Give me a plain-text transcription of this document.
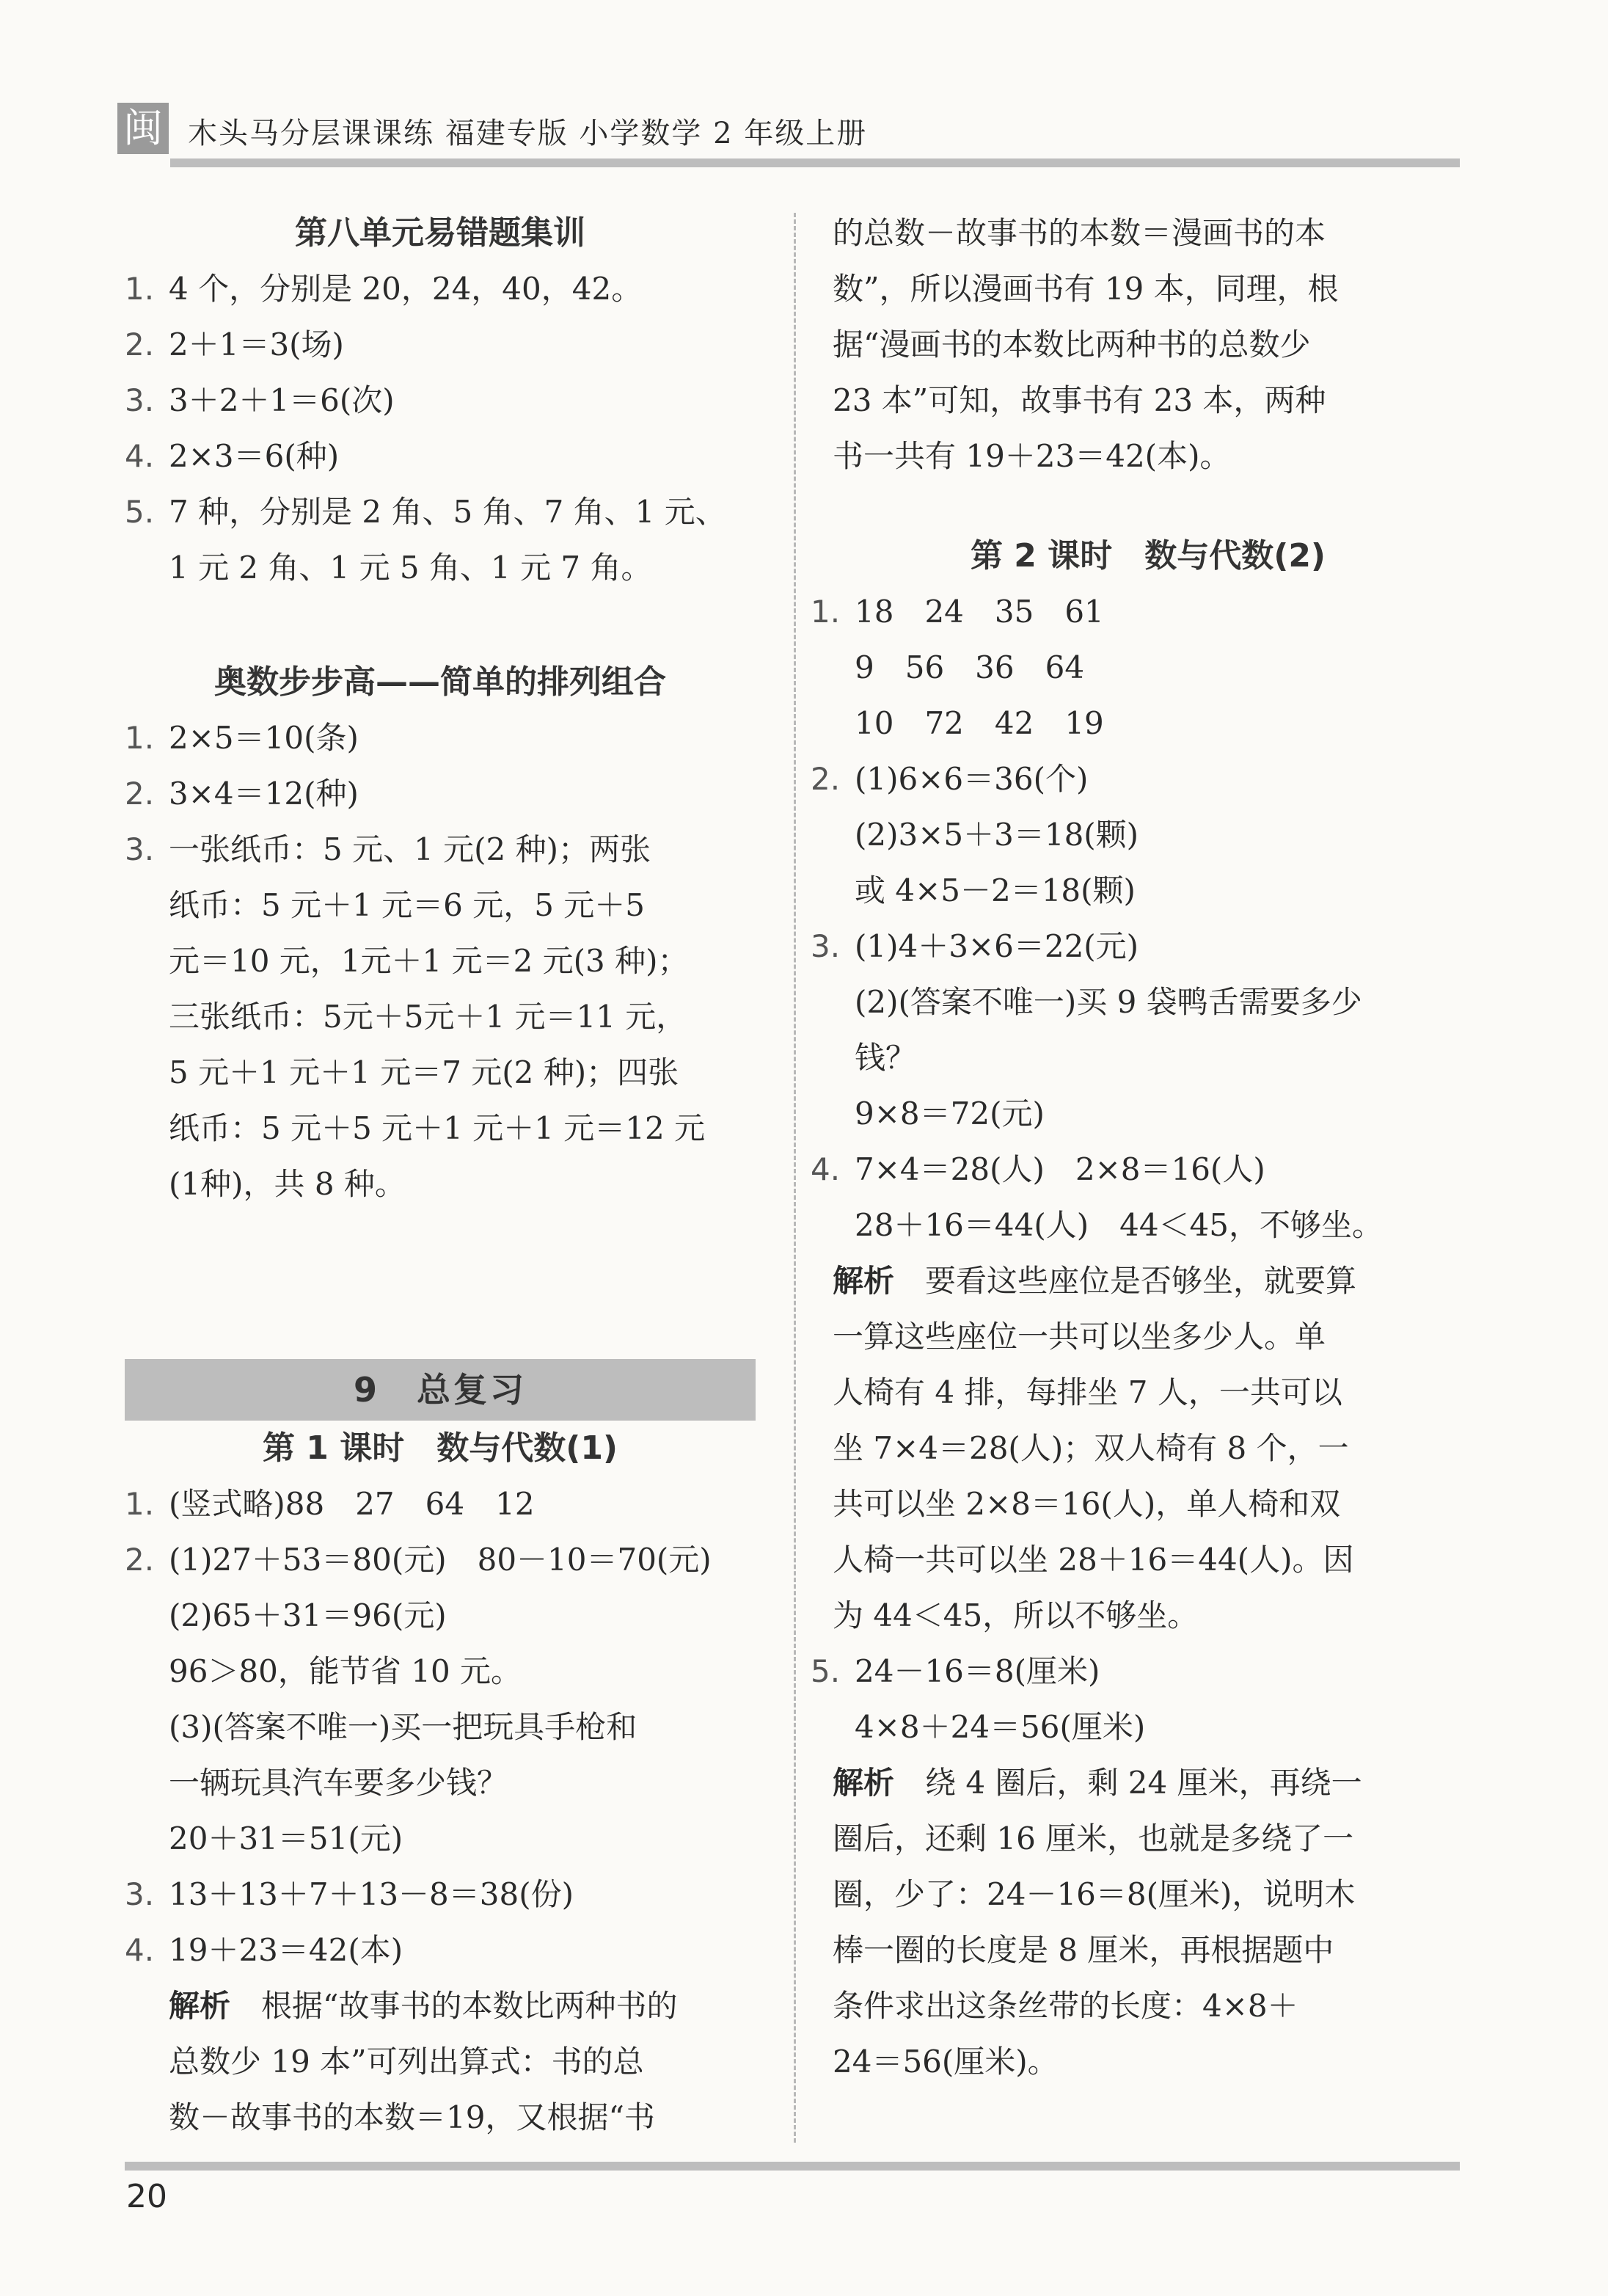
闽 木头马分层课课练 福建专版 小学数学 2 年级上册
第八单元易错题集训
1. 4 个，分别是 20，24，40，42。
2. 2＋1＝3(场)
3. 3＋2＋1＝6(次)
4. 2×3＝6(种)
5. 7 种，分别是 2 角、5 角、7 角、1 元、
1 元 2 角、1 元 5 角、1 元 7 角。
奥数步步高——简单的排列组合
1. 2×5＝10(条)
2. 3×4＝12(种)
3. 一张纸币：5 元、1 元(2 种)；两张
纸币：5 元＋1 元＝6 元，5 元＋5
元＝10 元，1元＋1 元＝2 元(3 种)；
三张纸币：5元＋5元＋1 元＝11 元，
5 元＋1 元＋1 元＝7 元(2 种)；四张
纸币：5 元＋5 元＋1 元＋1 元＝12 元
(1种)，共 8 种。
9　总复习
第 1 课时　数与代数(1)
1. (竖式略)88　27　64　12
2. (1)27＋53＝80(元)　80－10＝70(元)
(2)65＋31＝96(元)
96＞80，能节省 10 元。
(3)(答案不唯一)买一把玩具手枪和
一辆玩具汽车要多少钱？
20＋31＝51(元)
3. 13＋13＋7＋13－8＝38(份)
4. 19＋23＝42(本)
解析　 根据“故事书的本数比两种书的
总数少 19 本”可列出算式：书的总
数－故事书的本数＝19，又根据“书
的总数－故事书的本数＝漫画书的本
数”，所以漫画书有 19 本，同理，根
据“漫画书的本数比两种书的总数少
23 本”可知，故事书有 23 本，两种
书一共有 19＋23＝42(本)。
第 2 课时　数与代数(2)
1. 18　24　35　61
9　56　36　64
10　72　42　19
2. (1)6×6＝36(个)
(2)3×5＋3＝18(颗)
或 4×5－2＝18(颗)
3. (1)4＋3×6＝22(元)
(2)(答案不唯一)买 9 袋鸭舌需要多少
钱？
9×8＝72(元)
4. 7×4＝28(人)　2×8＝16(人)
28＋16＝44(人)　44＜45，不够坐。
解析　 要看这些座位是否够坐，就要算
一算这些座位一共可以坐多少人。单
人椅有 4 排，每排坐 7 人，一共可以
坐 7×4＝28(人)；双人椅有 8 个，一
共可以坐 2×8＝16(人)，单人椅和双
人椅一共可以坐 28＋16＝44(人)。因
为 44＜45，所以不够坐。
5. 24－16＝8(厘米)
4×8＋24＝56(厘米)
解析　 绕 4 圈后，剩 24 厘米，再绕一
圈后，还剩 16 厘米，也就是多绕了一
圈，少了：24－16＝8(厘米)，说明木
棒一圈的长度是 8 厘米，再根据题中
条件求出这条丝带的长度：4×8＋
24＝56(厘米)。
20
